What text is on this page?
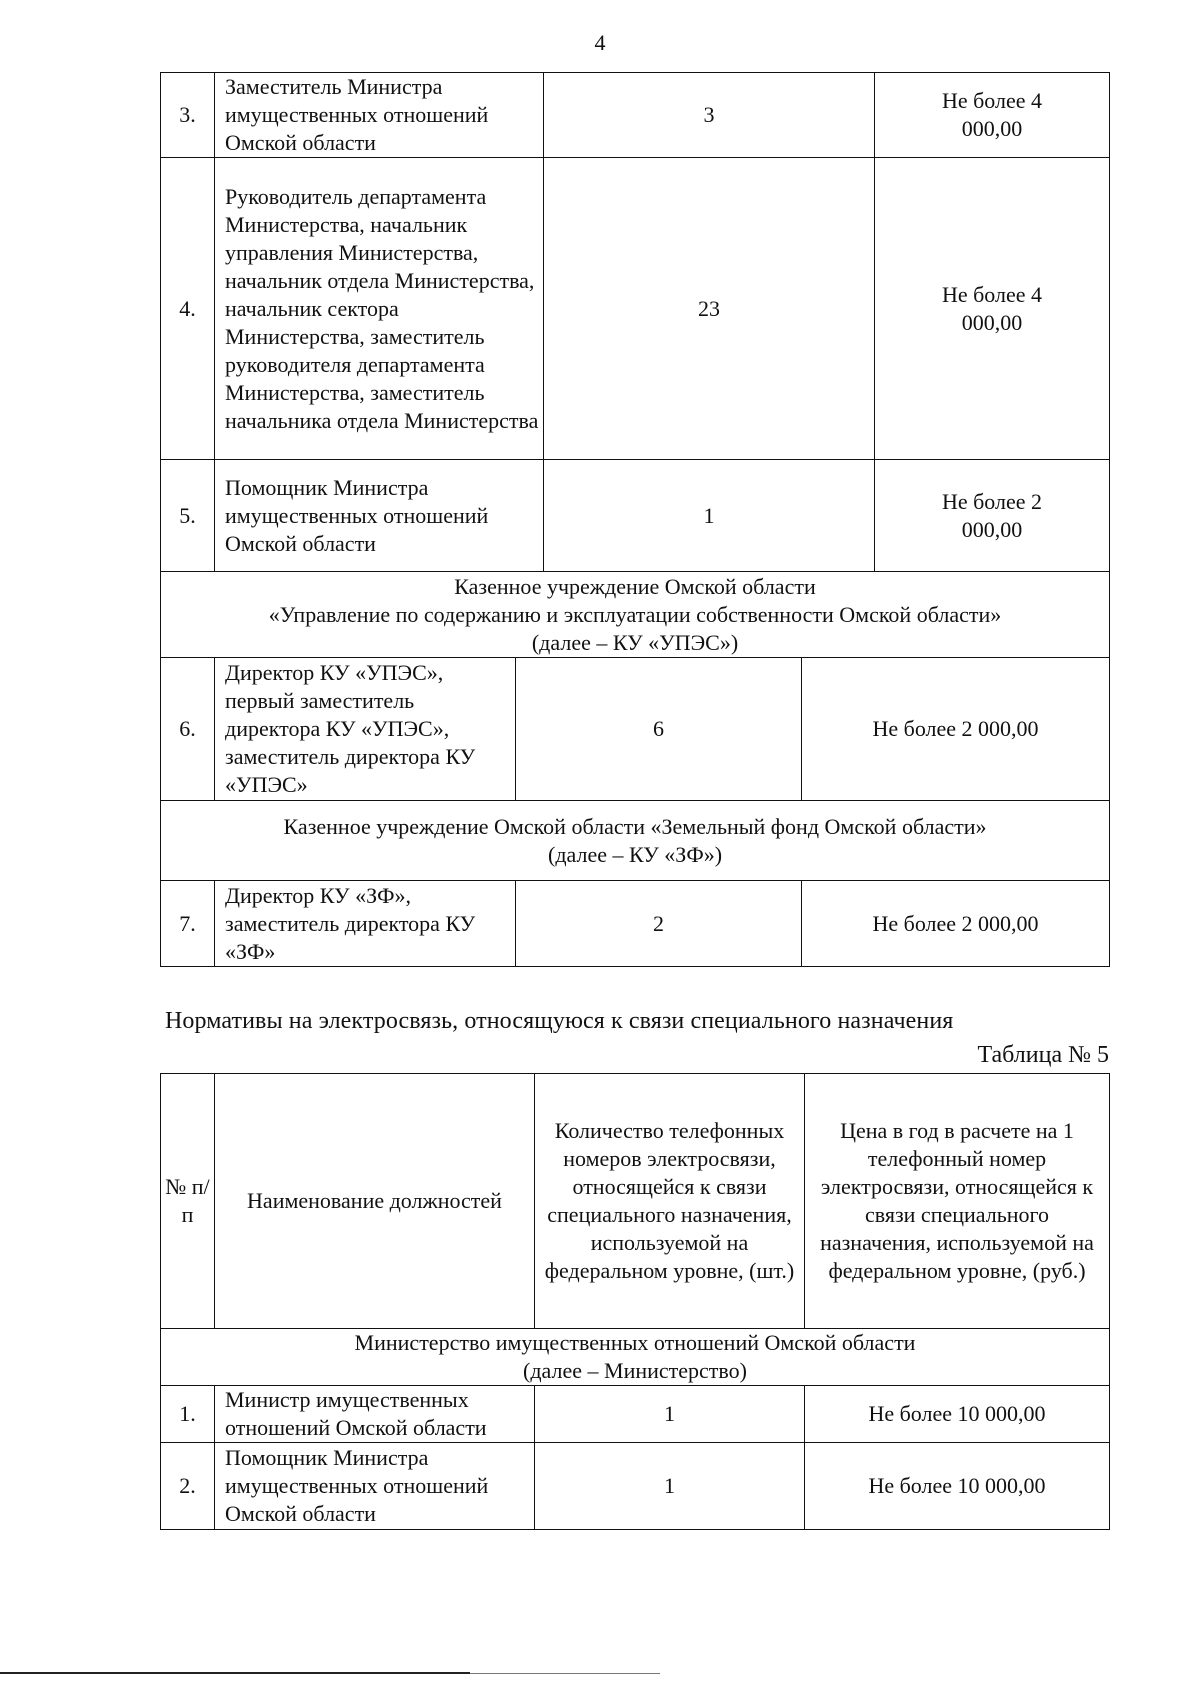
4
3.	Заместитель Министра имущественных отношений Омской области	3	Не более 4 000,00
4.	Руководитель департамента Министерства, начальник управления Министерства, начальник отдела Министерства, начальник сектора Министерства, заместитель руководителя департамента Министерства, заместитель начальника отдела Министерства	23	Не более 4 000,00
5.	Помощник Министра имущественных отношений Омской области	1	Не более 2 000,00
Казенное учреждение Омской области
«Управление по содержанию и эксплуатации собственности Омской области»
(далее – КУ «УПЭС»)			

6.	Директор КУ «УПЭС», первый заместитель директора КУ «УПЭС», заместитель директора КУ «УПЭС»	6	Не более 2 000,00

Казенное учреждение Омской области «Земельный фонд Омской области»
(далее – КУ «ЗФ»)			

7.	Директор КУ «ЗФ», заместитель директора КУ «ЗФ»	2	Не более 2 000,00
Нормативы на электросвязь, относящуюся к связи специального назначения
Таблица № 5
№ п/п	Наименование должностей	Количество телефонных номеров электросвязи, относящейся к связи специального назначения, используемой на федеральном уровне, (шт.)	Цена в год в расчете на 1 телефонный номер электросвязи, относящейся к связи специального назначения, используемой на федеральном уровне, (руб.)

Министерство имущественных отношений Омской области
(далее – Министерство)			

1.	Министр имущественных отношений Омской области	1	Не более 10 000,00
2.	Помощник Министра имущественных отношений Омской области	1	Не более 10 000,00
